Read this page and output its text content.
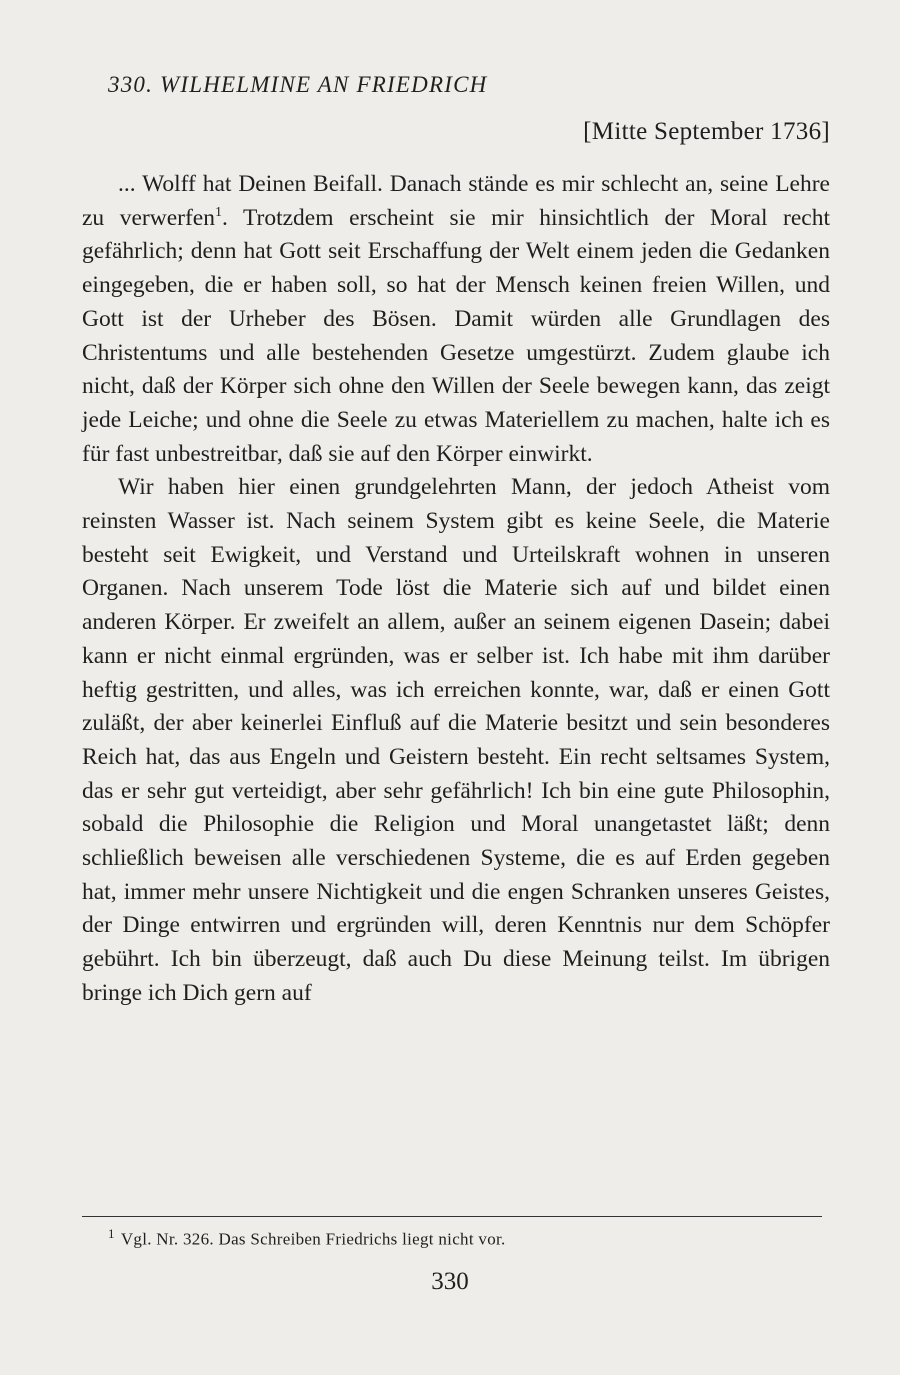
330. WILHELMINE AN FRIEDRICH
[Mitte September 1736]

... Wolff hat Deinen Beifall. Danach stände es mir schlecht an, seine Lehre zu verwerfen$^1$. Trotzdem erscheint sie mir hinsichtlich der Moral recht gefährlich; denn hat Gott seit Erschaffung der Welt einem jeden die Gedanken eingegeben, die er haben soll, so hat der Mensch keinen freien Willen, und Gott ist der Urheber des Bösen. Damit würden alle Grundlagen des Christentums und alle bestehenden Gesetze umgestürzt. Zudem glaube ich nicht, daß der Körper sich ohne den Willen der Seele bewegen kann, das zeigt jede Leiche; und ohne die Seele zu etwas Materiellem zu machen, halte ich es für fast unbestreitbar, daß sie auf den Körper einwirkt.

Wir haben hier einen grundgelehrten Mann, der jedoch Atheist vom reinsten Wasser ist. Nach seinem System gibt es keine Seele, die Materie besteht seit Ewigkeit, und Verstand und Urteilskraft wohnen in unseren Organen. Nach unserem Tode löst die Materie sich auf und bildet einen anderen Körper. Er zweifelt an allem, außer an seinem eigenen Dasein; dabei kann er nicht einmal ergründen, was er selber ist. Ich habe mit ihm darüber heftig gestritten, und alles, was ich erreichen konnte, war, daß er einen Gott zuläßt, der aber keinerlei Einfluß auf die Materie besitzt und sein besonderes Reich hat, das aus Engeln und Geistern besteht. Ein recht seltsames System, das er sehr gut verteidigt, aber sehr gefährlich! Ich bin eine gute Philosophin, sobald die Philosophie die Religion und Moral unangetastet läßt; denn schließlich beweisen alle verschiedenen Systeme, die es auf Erden gegeben hat, immer mehr unsere Nichtigkeit und die engen Schranken unseres Geistes, der Dinge entwirren und ergründen will, deren Kenntnis nur dem Schöpfer gebührt. Ich bin überzeugt, daß auch Du diese Meinung teilst. Im übrigen bringe ich Dich gern auf

$^1$ Vgl. Nr. 326. Das Schreiben Friedrichs liegt nicht vor.
330
